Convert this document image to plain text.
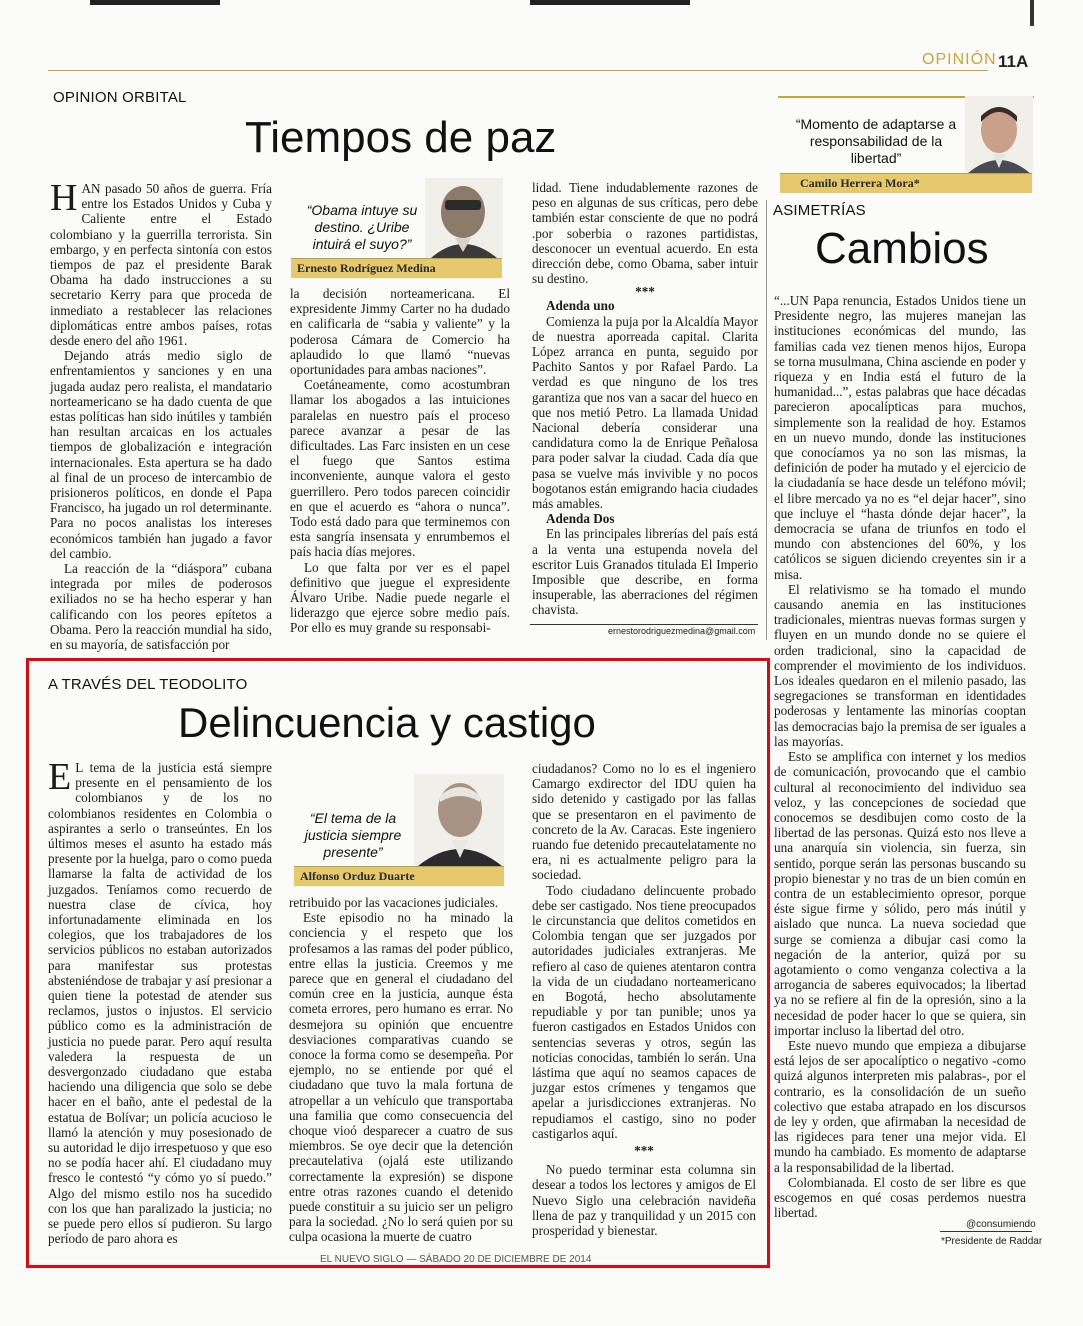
OPINIÓN 11A
OPINION ORBITAL
Tiempos de paz

HAN pasado 50 años de guerra. Fría entre los Estados Unidos y Cuba y Caliente entre el Estado colombiano y la guerrilla terrorista. Sin embargo, y en perfecta sintonía con estos tiempos de paz el presidente Barak Obama ha dado instrucciones a su secretario Kerry para que proceda de inmediato a restablecer las relaciones diplomáticas entre ambos países, rotas desde enero del año 1961.

Dejando atrás medio siglo de enfrentamientos y sanciones y en una jugada audaz pero realista, el mandatario norteamericano se ha dado cuenta de que estas políticas han sido inútiles y también han resultan arcaicas en los actuales tiempos de globalización e integración internacionales. Esta apertura se ha dado al final de un proceso de intercambio de prisioneros políticos, en donde el Papa Francisco, ha jugado un rol determinante. Para no pocos analistas los intereses económicos también han jugado a favor del cambio.

La reacción de la “diáspora” cubana integrada por miles de poderosos exiliados no se ha hecho esperar y han calificando con los peores epítetos a Obama. Pero la reacción mundial ha sido, en su mayoría, de satisfacción por

“Obama intuye su destino. ¿Uribe intuirá el suyo?”
Ernesto Rodríguez Medina

la decisión norteamericana. El expresidente Jimmy Carter no ha dudado en calificarla de “sabia y valiente” y la poderosa Cámara de Comercio ha aplaudido lo que llamó “nuevas oportunidades para ambas naciones”.

Coetáneamente, como acostumbran llamar los abogados a las intuiciones paralelas en nuestro país el proceso parece avanzar a pesar de las dificultades. Las Farc insisten en un cese el fuego que Santos estima inconveniente, aunque valora el gesto guerrillero. Pero todos parecen coincidir en que el acuerdo es “ahora o nunca”. Todo está dado para que terminemos con esta sangría insensata y enrumbemos el país hacia días mejores.

Lo que falta por ver es el papel definitivo que juegue el expresidente Álvaro Uribe. Nadie puede negarle el liderazgo que ejerce sobre medio país. Por ello es muy grande su responsabi-

lidad. Tiene indudablemente razones de peso en algunas de sus críticas, pero debe también estar consciente de que no podrá .por soberbia o razones partidistas, desconocer un eventual acuerdo. En esta dirección debe, como Obama, saber intuir su destino.

***

Adenda uno

Comienza la puja por la Alcaldía Mayor de nuestra aporreada capital. Clarita López arranca en punta, seguido por Pachito Santos y por Rafael Pardo. La verdad es que ninguno de los tres garantiza que nos van a sacar del hueco en que nos metió Petro. La llamada Unidad Nacional debería considerar una candidatura como la de Enrique Peñalosa para poder salvar la ciudad. Cada día que pasa se vuelve más invivible y no pocos bogotanos están emigrando hacia ciudades más amables.

Adenda Dos

En las principales librerías del país está a la venta una estupenda novela del escritor Luis Granados titulada El Imperio Imposible que describe, en forma insuperable, las aberraciones del régimen chavista.

ernestorodriguezmedina@gmail.com
A TRAVÉS DEL TEODOLITO
Delincuencia y castigo

E L tema de la justicia está siempre presente en el pensamiento de los colombianos y de los no colombianos residentes en Colombia o aspirantes a serlo o transeúntes. En los últimos meses el asunto ha estado más presente por la huelga, paro o como pueda llamarse la falta de actividad de los juzgados. Teníamos como recuerdo de nuestra clase de cívica, hoy infortunadamente eliminada en los colegios, que los trabajadores de los servicios públicos no estaban autorizados para manifestar sus protestas absteniéndose de trabajar y así presionar a quien tiene la potestad de atender sus reclamos, justos o injustos. El servicio público como es la administración de justicia no puede parar. Pero aquí resulta valedera la respuesta de un desvergonzado ciudadano que estaba haciendo una diligencia que solo se debe hacer en el baño, ante el pedestal de la estatua de Bolívar; un policía acucioso le llamó la atención y muy posesionado de su autoridad le dijo irrespetuoso y que eso no se podía hacer ahí. El ciudadano muy fresco le contestó “y cómo yo sí puedo.” Algo del mismo estilo nos ha sucedido con los que han paralizado la justicia; no se puede pero ellos sí pudieron. Su largo período de paro ahora es

“El tema de la justicia siempre presente”
Alfonso Orduz Duarte

retribuido por las vacaciones judiciales.

Este episodio no ha minado la conciencia y el respeto que los profesamos a las ramas del poder público, entre ellas la justicia. Creemos y me parece que en general el ciudadano del común cree en la justicia, aunque ésta cometa errores, pero humano es errar. No desmejora su opinión que encuentre desviaciones comparativas cuando se conoce la forma como se desempeña. Por ejemplo, no se entiende por qué el ciudadano que tuvo la mala fortuna de atropellar a un vehículo que transportaba una familia que como consecuencia del choque vioó desparecer a cuatro de sus miembros. Se oye decir que la detención precautelativa (ojalá este utilizando correctamente la expresión) se dispone entre otras razones cuando el detenido puede constituir a su juicio ser un peligro para la sociedad. ¿No lo será quien por su culpa ocasiona la muerte de cuatro

ciudadanos? Como no lo es el ingeniero Camargo exdirector del IDU quien ha sido detenido y castigado por las fallas que se presentaron en el pavimento de concreto de la Av. Caracas. Este ingeniero ruando fue detenido precautelatamente no era, ni es actualmente peligro para la sociedad.

Todo ciudadano delincuente probado debe ser castigado. Nos tiene preocupados le circunstancia que delitos cometidos en Colombia tengan que ser juzgados por autoridades judiciales extranjeras. Me refiero al caso de quienes atentaron contra la vida de un ciudadano norteamericano en Bogotá, hecho absolutamente repudiable y por tan punible; unos ya fueron castigados en Estados Unidos con sentencias severas y otros, según las noticias conocidas, también lo serán. Una lástima que aquí no seamos capaces de juzgar estos crímenes y tengamos que apelar a jurisdicciones extranjeras. No repudiamos el castigo, sino no poder castigarlos aquí.

***

No puedo terminar esta columna sin desear a todos los lectores y amigos de El Nuevo Siglo una celebración navideña llena de paz y tranquilidad y un 2015 con prosperidad y bienestar.

EL NUEVO SIGLO — SÁBADO 20 DE DICIEMBRE DE 2014
“Momento de adaptarse a responsabilidad de la libertad”
Camilo Herrera Mora*
ASIMETRÍAS
Cambios

“...UN Papa renuncia, Estados Unidos tiene un Presidente negro, las mujeres manejan las instituciones económicas del mundo, las familias cada vez tienen menos hijos, Europa se torna musulmana, China asciende en poder y riqueza y en India está el futuro de la humanidad...”, estas palabras que hace décadas parecieron apocalípticas para muchos, simplemente son la realidad de hoy. Estamos en un nuevo mundo, donde las instituciones que conocíamos ya no son las mismas, la definición de poder ha mutado y el ejercicio de la ciudadanía se hace desde un teléfono móvil; el libre mercado ya no es “el dejar hacer”, sino que incluye el “hasta dónde dejar hacer”, la democracia se ufana de triunfos en todo el mundo con abstenciones del 60%, y los católicos se siguen diciendo creyentes sin ir a misa.

El relativismo se ha tomado el mundo causando anemia en las instituciones tradicionales, mientras nuevas formas surgen y fluyen en un mundo donde no se quiere el orden tradicional, sino la capacidad de comprender el movimiento de los individuos. Los ideales quedaron en el milenio pasado, las segregaciones se transforman en identidades poderosas y lentamente las minorías cooptan las democracias bajo la premisa de ser iguales a las mayorías.

Esto se amplifica con internet y los medios de comunicación, provocando que el cambio cultural al reconocimiento del individuo sea veloz, y las concepciones de sociedad que conocemos se desdibujen como costo de la libertad de las personas. Quizá esto nos lleve a una anarquía sin violencia, sin fuerza, sin sentido, porque serán las personas buscando su propio bienestar y no tras de un bien común en contra de un establecimiento opresor, porque éste sigue firme y sólido, pero más inútil y aislado que nunca. La nueva sociedad que surge se comienza a dibujar casi como la negación de la anterior, quizá por su agotamiento o como venganza colectiva a la arrogancia de saberes equivocados; la libertad ya no se refiere al fin de la opresión, sino a la necesidad de poder hacer lo que se quiera, sin importar incluso la libertad del otro.

Este nuevo mundo que empieza a dibujarse está lejos de ser apocalíptico o negativo -como quizá algunos interpreten mis palabras-, por el contrario, es la consolidación de un sueño colectivo que estaba atrapado en los discursos de ley y orden, que afirmaban la necesidad de las rigideces para tener una mejor vida. El mundo ha cambiado. Es momento de adaptarse a la responsabilidad de la libertad.

Colombianada. El costo de ser libre es que escogemos en qué cosas perdemos nuestra libertad.

@consumiendo
*Presidente de Raddar
